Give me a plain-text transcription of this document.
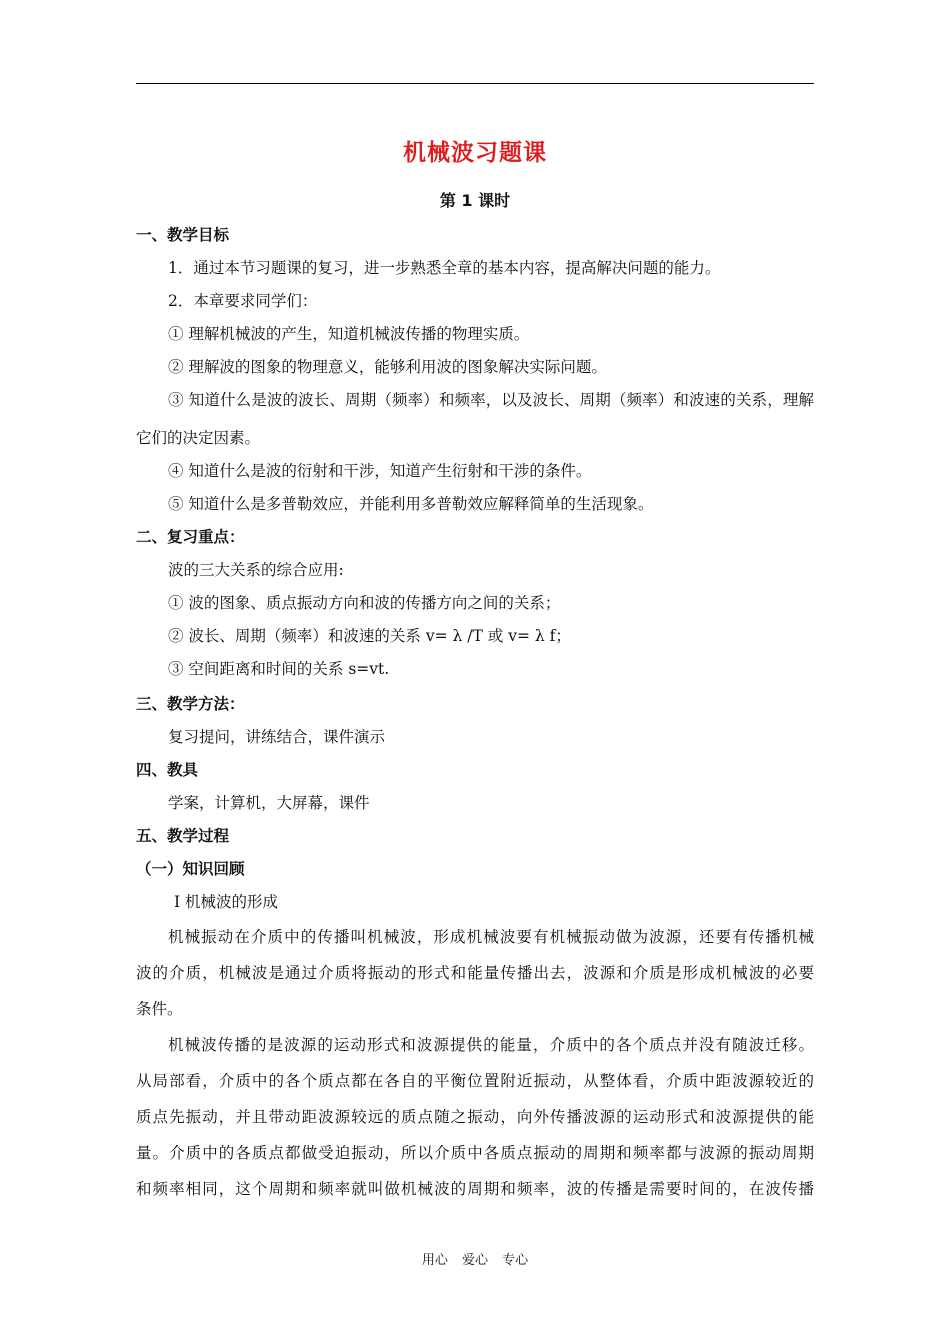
机械波习题课
第 1 课时
一、教学目标
1．通过本节习题课的复习，进一步熟悉全章的基本内容，提高解决问题的能力。
2．本章要求同学们：
① 理解机械波的产生，知道机械波传播的物理实质。
② 理解波的图象的物理意义，能够利用波的图象解决实际问题。
③ 知道什么是波的波长、周期（频率）和频率，以及波长、周期（频率）和波速的关系，理解
它们的决定因素。
④ 知道什么是波的衍射和干涉，知道产生衍射和干涉的条件。
⑤ 知道什么是多普勒效应，并能利用多普勒效应解释简单的生活现象。
二、复习重点：
波的三大关系的综合应用:
① 波的图象、质点振动方向和波的传播方向之间的关系；
② 波长、周期（频率）和波速的关系 v= λ /T 或 v= λ f；
③ 空间距离和时间的关系 s=vt.
三、教学方法：
复习提问，讲练结合，课件演示
四、教具
学案，计算机，大屏幕，课件
五、教学过程
（一）知识回顾
Ⅰ 机械波的形成
机械振动在介质中的传播叫机械波，形成机械波要有机械振动做为波源，还要有传播机械
波的介质，机械波是通过介质将振动的形式和能量传播出去，波源和介质是形成机械波的必要
条件。
机械波传播的是波源的运动形式和波源提供的能量，介质中的各个质点并没有随波迁移。
从局部看，介质中的各个质点都在各自的平衡位置附近振动，从整体看，介质中距波源较近的
质点先振动，并且带动距波源较远的质点随之振动，向外传播波源的运动形式和波源提供的能
量。介质中的各质点都做受迫振动，所以介质中各质点振动的周期和频率都与波源的振动周期
和频率相同，这个周期和频率就叫做机械波的周期和频率，波的传播是需要时间的，在波传播
用心 爱心 专心
